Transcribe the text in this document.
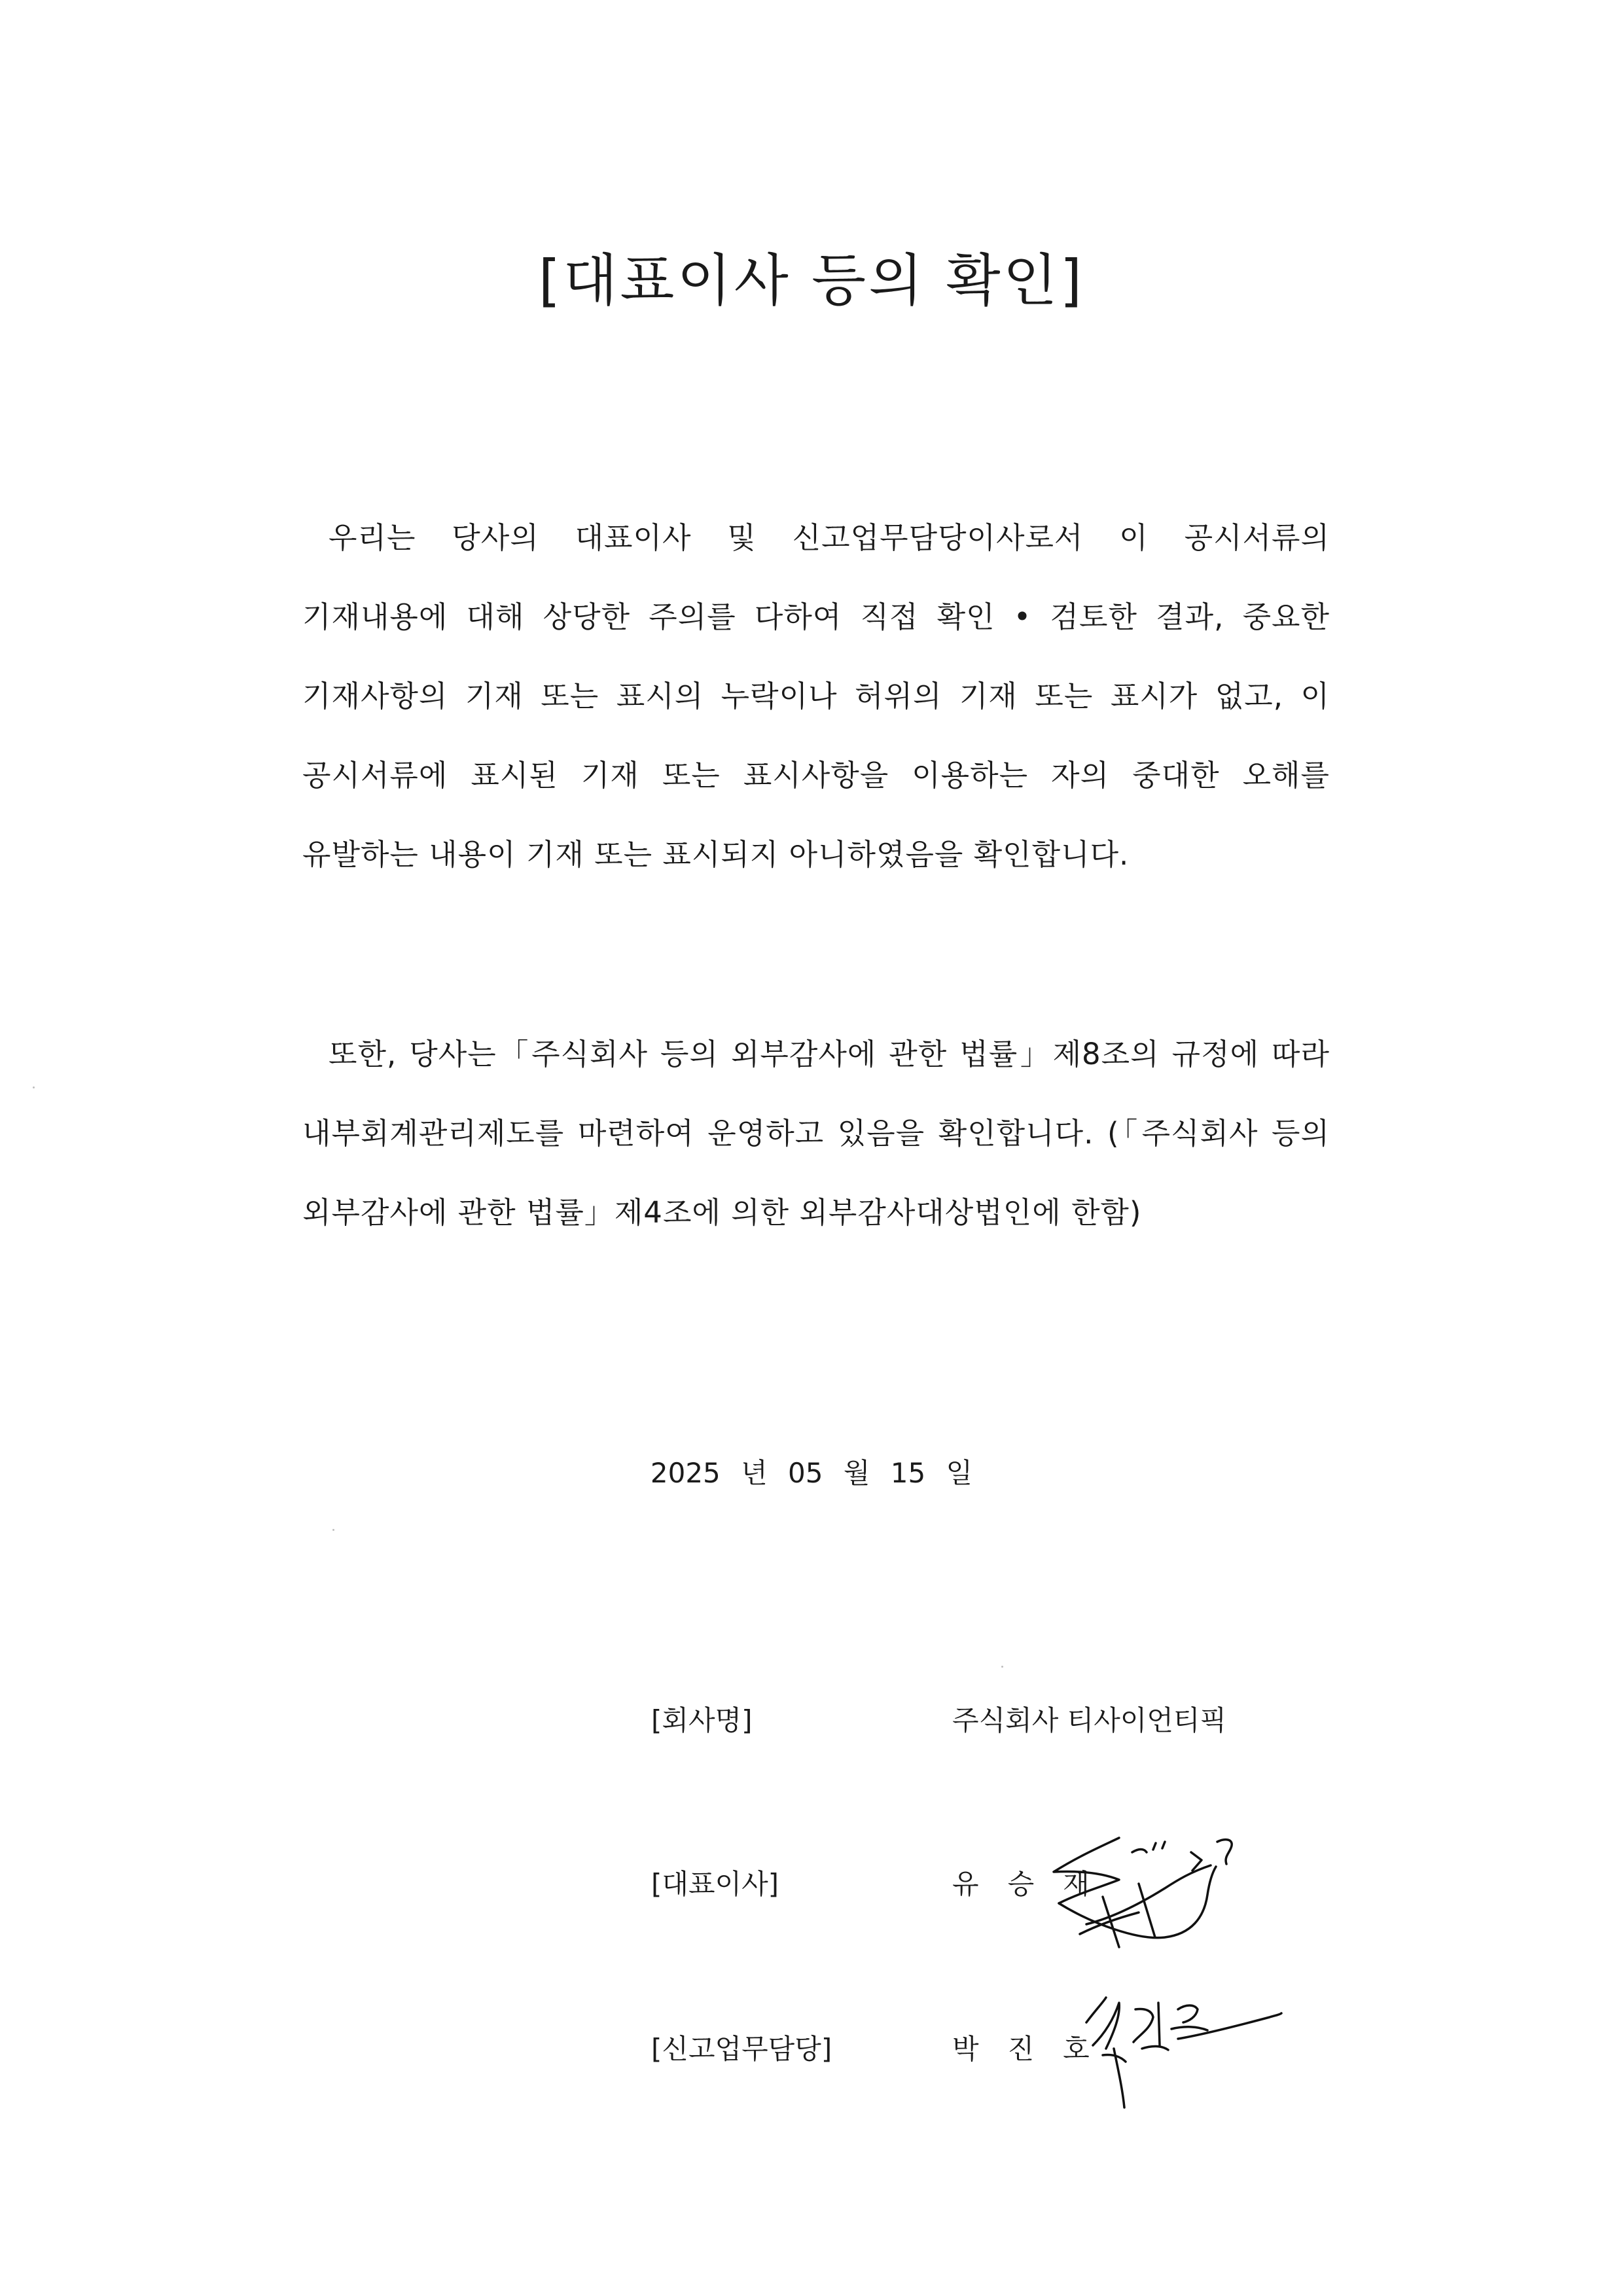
[대표이사 등의 확인]
우리는 당사의 대표이사 및 신고업무담당이사로서 이 공시서류의 기재내용에 대해 상당한 주의를 다하여 직접 확인 • 검토한 결과, 중요한 기재사항의 기재 또는 표시의 누락이나 허위의 기재 또는 표시가 없고, 이 공시서류에 표시된 기재 또는 표시사항을 이용하는 자의 중대한 오해를 유발하는 내용이 기재 또는 표시되지 아니하였음을 확인합니다.
또한, 당사는「주식회사 등의 외부감사에 관한 법률」제8조의 규정에 따라 내부회계관리제도를 마련하여 운영하고 있음을 확인합니다. (「주식회사 등의 외부감사에 관한 법률」제4조에 의한 외부감사대상법인에 한함)
2025 년 05 월 15 일
[회사명]	주식회사 티사이언티픽
[대표이사]	유승재
[신고업무담당]	박진호
